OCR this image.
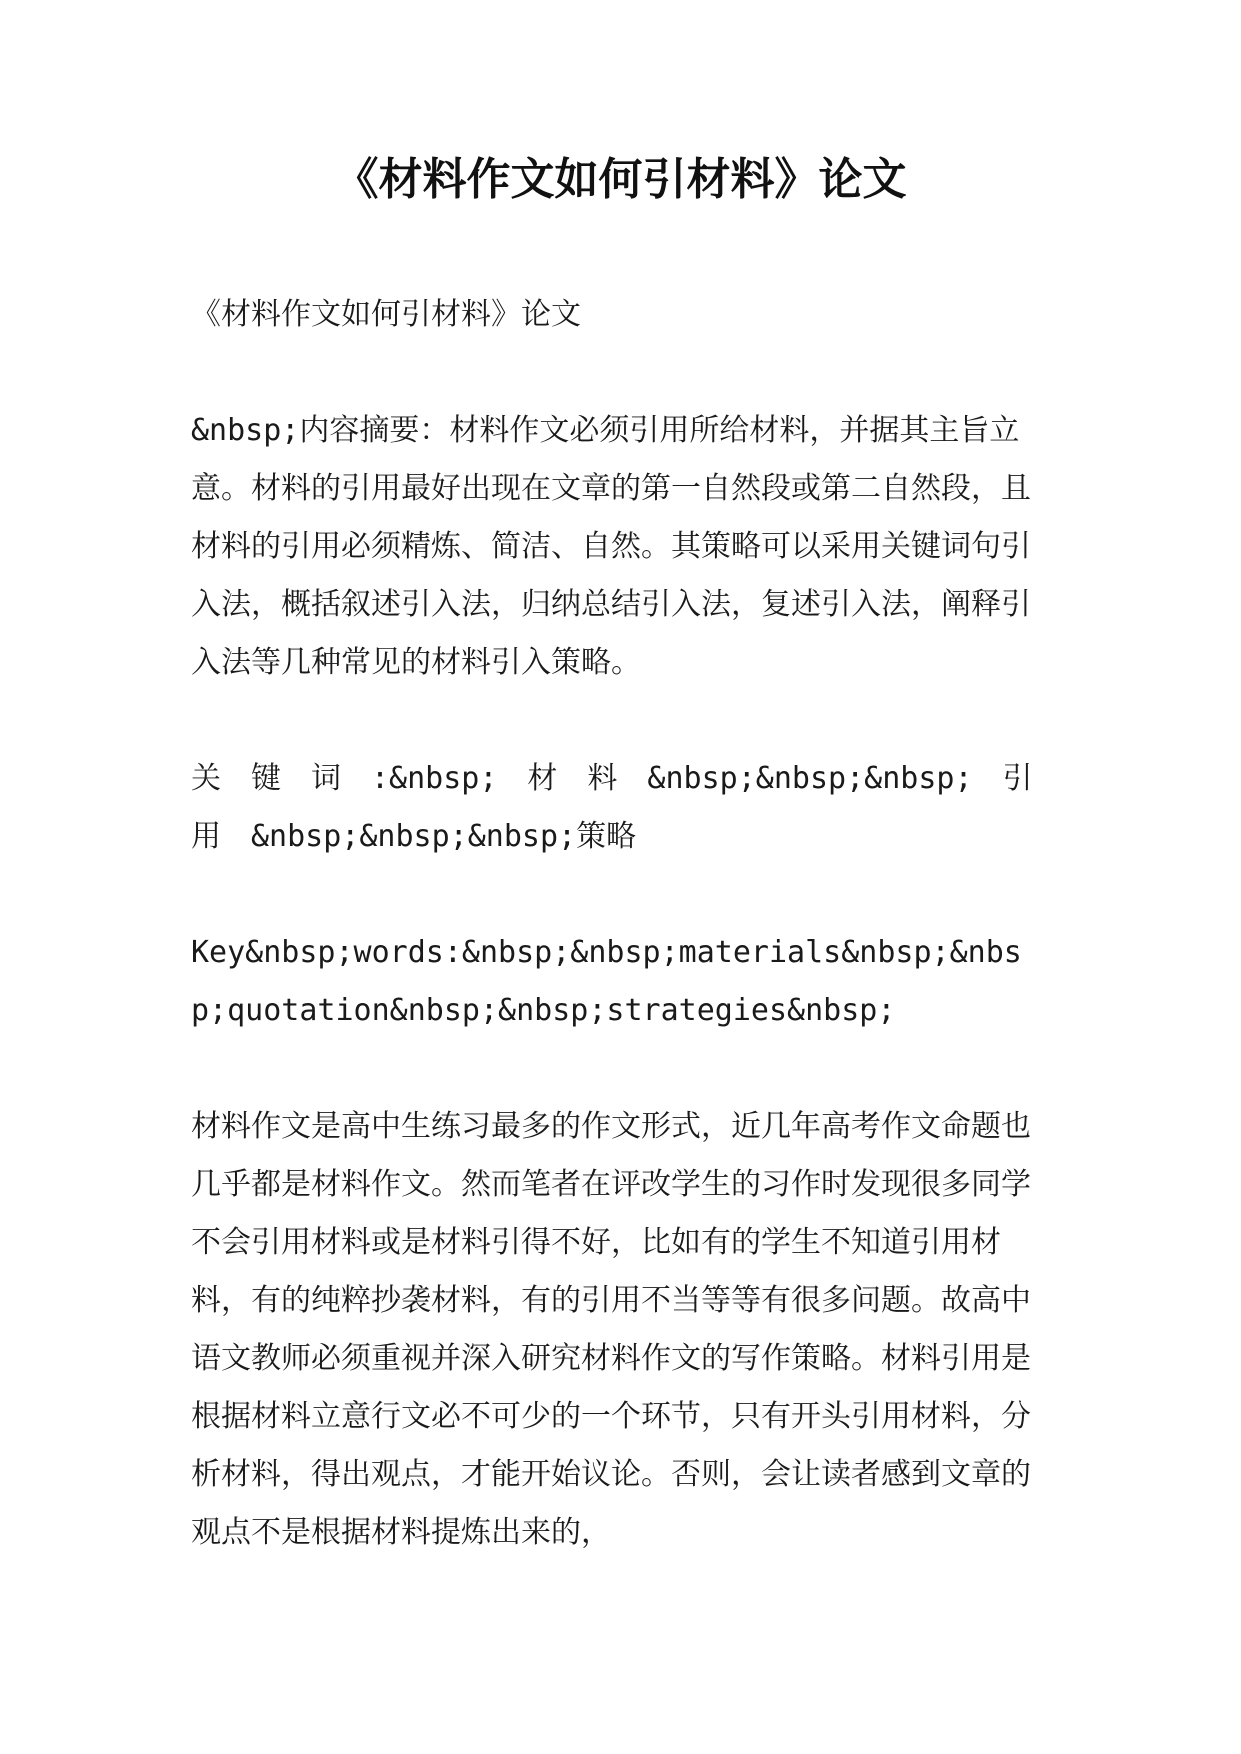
《材料作文如何引材料》论文

《材料作文如何引材料》论文

&nbsp;内容摘要：材料作文必须引用所给材料，并据其主旨立意。材料的引用最好出现在文章的第一自然段或第二自然段，且材料的引用必须精炼、简洁、自然。其策略可以采用关键词句引入法，概括叙述引入法，归纳总结引入法，复述引入法，阐释引入法等几种常见的材料引入策略。

关　键　词　:&nbsp;　材　料　&nbsp;&nbsp;&nbsp;　引　用　&nbsp;&nbsp;&nbsp;策略

Key&nbsp;words:&nbsp;&nbsp;materials&nbsp;&nbsp;quotation&nbsp;&nbsp;strategies&nbsp;

材料作文是高中生练习最多的作文形式，近几年高考作文命题也几乎都是材料作文。然而笔者在评改学生的习作时发现很多同学不会引用材料或是材料引得不好，比如有的学生不知道引用材料，有的纯粹抄袭材料，有的引用不当等等有很多问题。故高中语文教师必须重视并深入研究材料作文的写作策略。材料引用是根据材料立意行文必不可少的一个环节，只有开头引用材料，分析材料，得出观点，才能开始议论。否则，会让读者感到文章的观点不是根据材料提炼出来的，
